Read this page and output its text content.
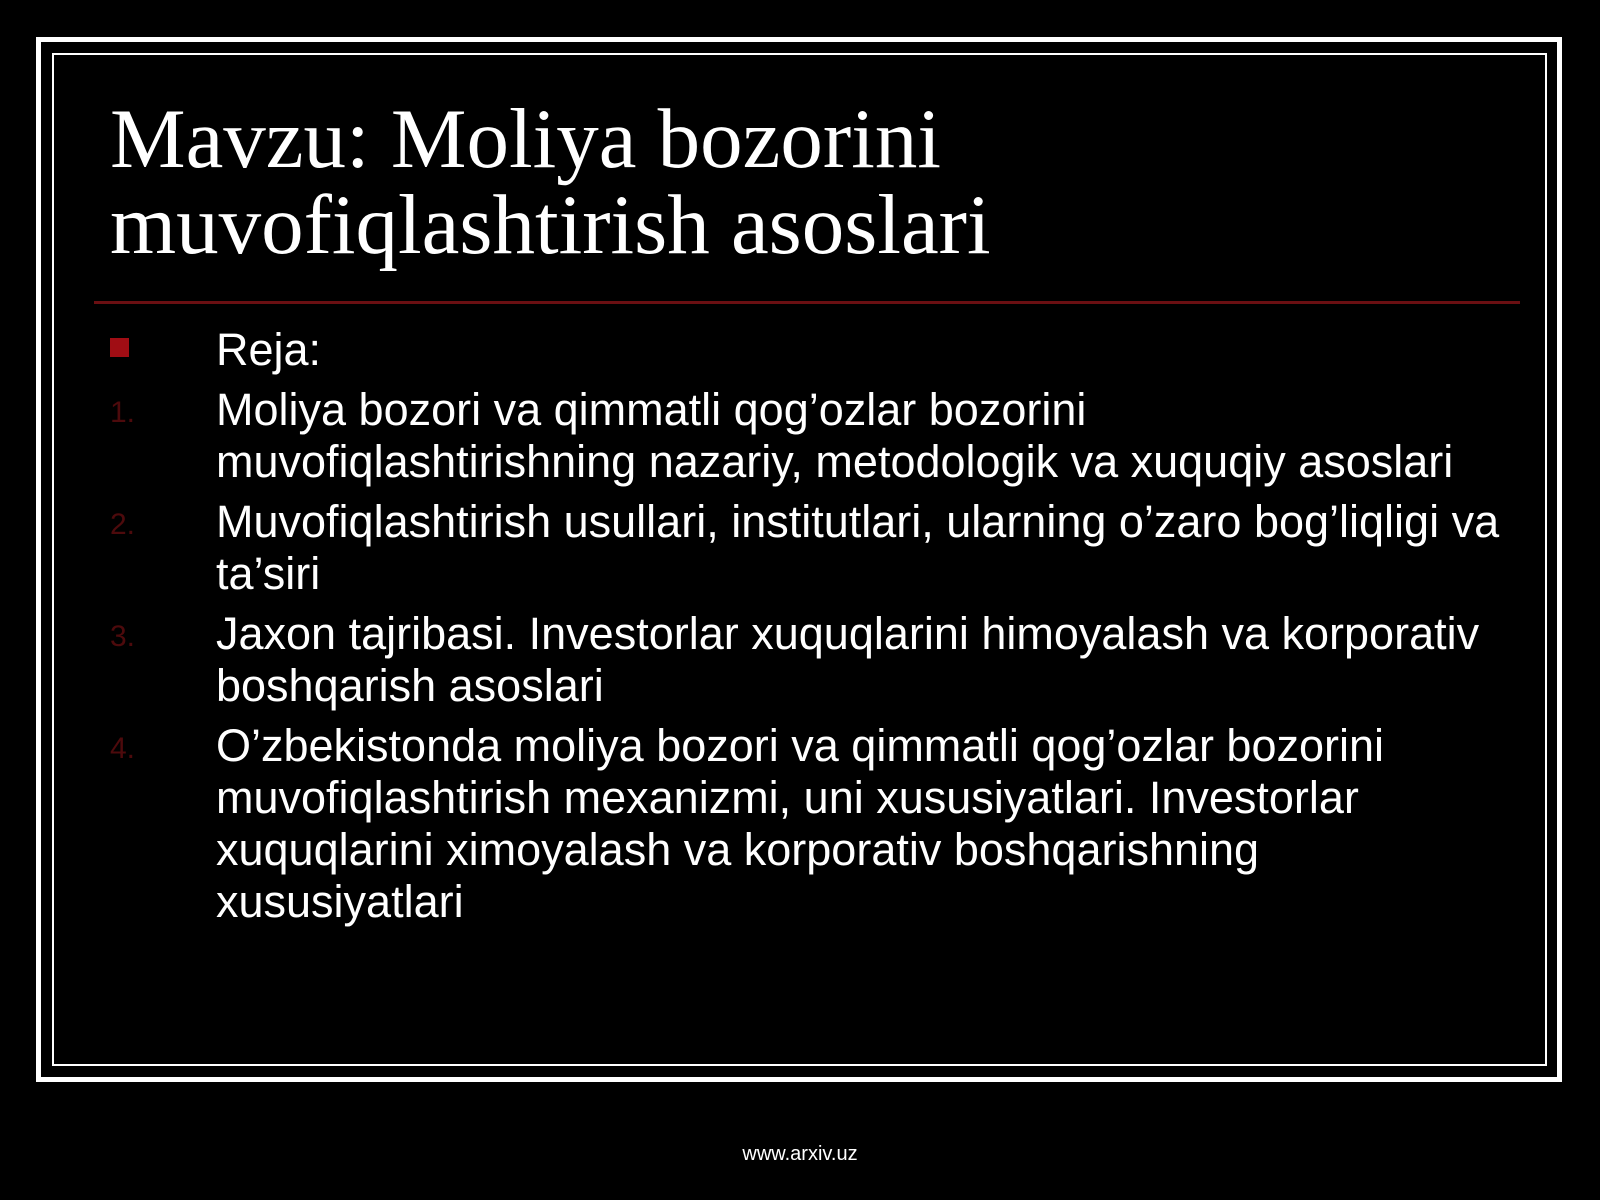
Mavzu: Moliya bozorini
muvofiqlashtirish asoslari
Reja:
1. Moliya bozori va qimmatli qog’ozlar bozorini muvofiqlashtirishning nazariy, metodologik va xuquqiy asoslari
2. Muvofiqlashtirish usullari, institutlari, ularning o’zaro bog’liqligi va ta’siri
3. Jaxon tajribasi. Investorlar xuquqlarini himoyalash va korporativ boshqarish asoslari
4. O’zbekistonda moliya bozori va qimmatli qog’ozlar bozorini muvofiqlashtirish mexanizmi, uni xususiyatlari. Investorlar xuquqlarini ximoyalash va korporativ boshqarishning xususiyatlari
www.arxiv.uz
